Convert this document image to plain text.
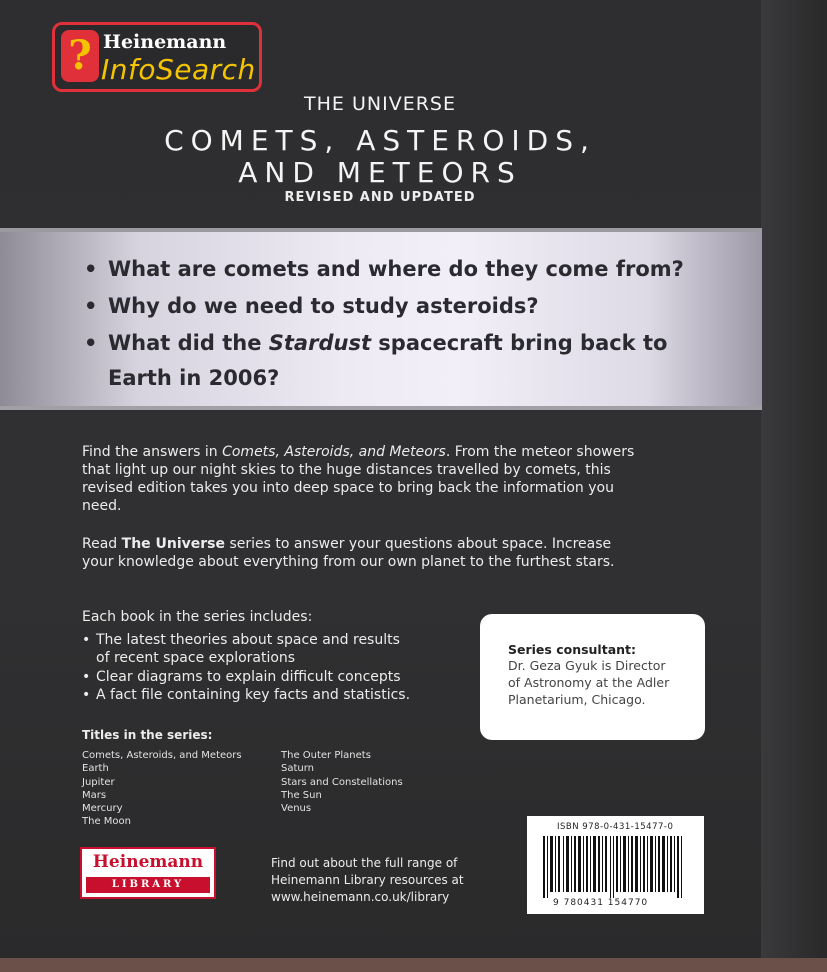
? Heinemann
InfoSearch
THE UNIVERSE
COMETS, ASTEROIDS,
AND METEORS
REVISED AND UPDATED
• What are comets and where do they come from?
• Why do we need to study asteroids?
• What did the Stardust spacecraft bring back to
Earth in 2006?
Find the answers in Comets, Asteroids, and Meteors. From the meteor showers that light up our night skies to the huge distances travelled by comets, this revised edition takes you into deep space to bring back the information you need.
Read The Universe series to answer your questions about space. Increase your knowledge about everything from our own planet to the furthest stars.
Each book in the series includes:
• The latest theories about space and results
of recent space explorations
• Clear diagrams to explain difficult concepts
• A fact file containing key facts and statistics.
Series consultant:
Dr. Geza Gyuk is Director
of Astronomy at the Adler
Planetarium, Chicago.
Titles in the series:
Comets, Asteroids, and Meteors
Earth
Jupiter
Mars
Mercury
The Moon
The Outer Planets
Saturn
Stars and Constellations
The Sun
Venus
Heinemann
LIBRARY
Find out about the full range of
Heinemann Library resources at
www.heinemann.co.uk/library
ISBN 978-0-431-15477-0
9 780431 154770
